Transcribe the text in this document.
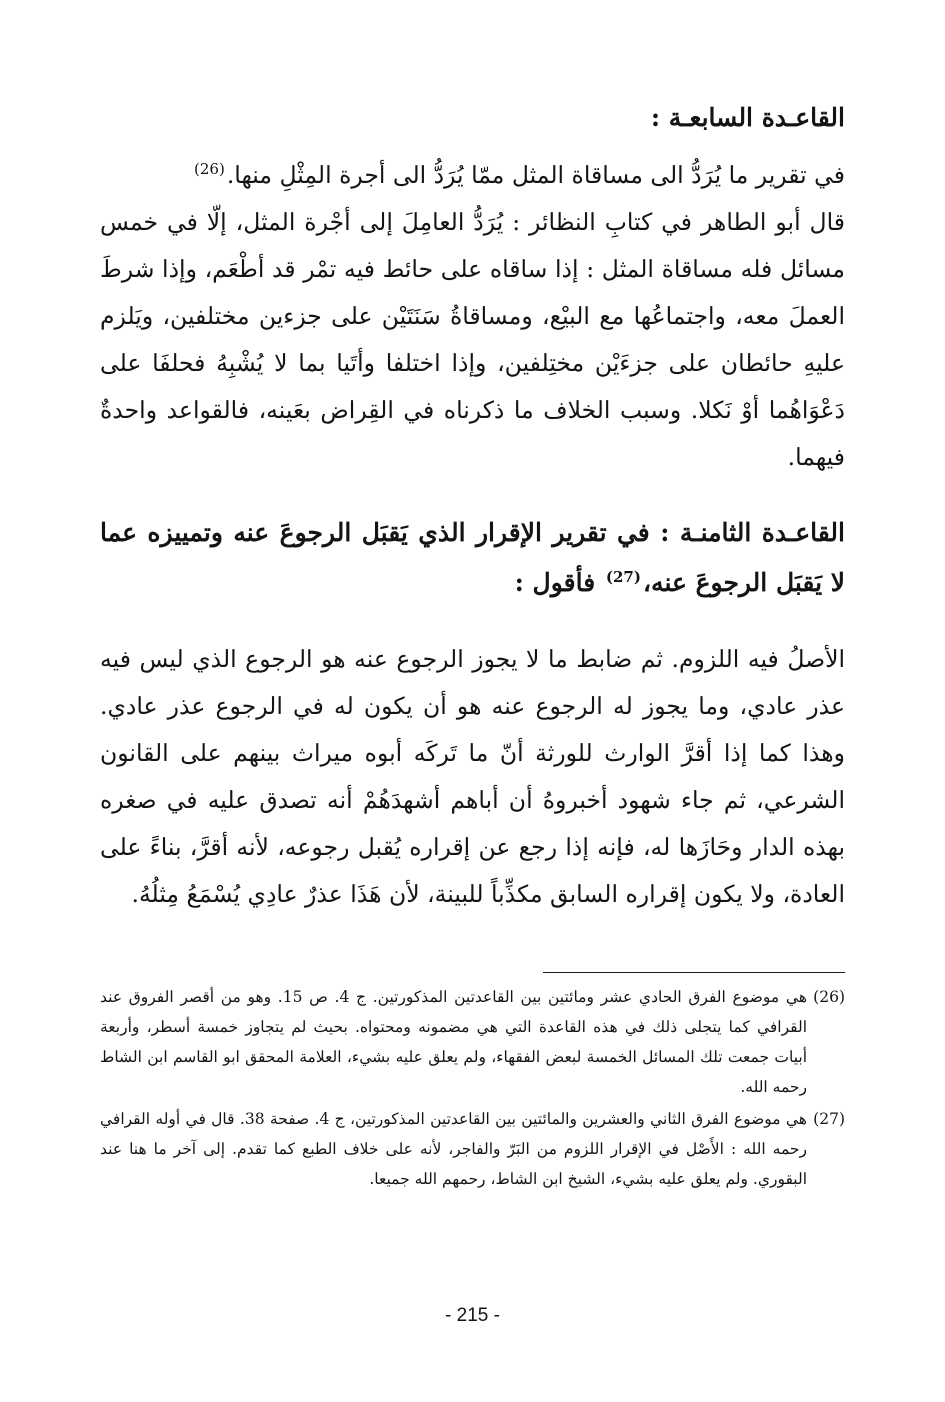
القاعـدة السابعـة :
في تقرير ما يُرَدُّ الى مساقاة المثل ممّا يُرَدُّ الى أجرة المِثْلِ منها.$^{(26)}$
قال أبو الطاهر في كتابِ النظائر : يُرَدُّ العامِلَ إلى أجْرة المثل، إلّا في خمس مسائل فله مساقاة المثل : إذا ساقاه على حائط فيه تمْر قد أطْعَم، وإذا شرطَ العملَ معه، واجتماعُها مع البيْع، ومساقاةُ سَنَتَيْن على جزءين مختلفين، ويَلزم عليهِ حائطان على جزءَيْن مختِلفين، وإذا اختلفا وأتَيا بما لا يُشْبِهُ فحلفَا على دَعْوَاهُما أوْ نَكلا. وسبب الخلاف ما ذكرناه في القِراض بعَينه، فالقواعد واحدةٌ فيهما.
القاعـدة الثامنـة : في تقرير الإقرار الذي يَقبَل الرجوعَ عنه وتمييزه عما لا يَقبَل الرجوعَ عنه،$^{(27)}$ فأقول :
الأصلُ فيه اللزوم. ثم ضابط ما لا يجوز الرجوع عنه هو الرجوع الذي ليس فيه عذر عادي، وما يجوز له الرجوع عنه هو أن يكون له في الرجوع عذر عادي. وهذا كما إذا أقرَّ الوارث للورثة أنّ ما تَركَه أبوه ميراث بينهم على القانون الشرعي، ثم جاء شهود أخبروهُ أن أباهم أشهدَهُمْ أنه تصدق عليه في صغره بهذه الدار وحَازَها له، فإنه إذا رجع عن إقراره يُقبل رجوعه، لأنه أقرَّ، بناءً على العادة، ولا يكون إقراره السابق مكذِّباً للبينة، لأن هَذَا عذرٌ عادِي يُسْمَعُ مِثلُهُ.
(26)
هي موضوع الفرق الحادي عشر ومائتين بين القاعدتين المذكورتين. ج 4. ص 15. وهو من أقصر الفروق عند القرافي كما يتجلى ذلك في هذه القاعدة التي هي مضمونه ومحتواه. بحيث لم يتجاوز خمسة أسطر، وأربعة أبيات جمعت تلك المسائل الخمسة لبعض الفقهاء، ولم يعلق عليه بشيء، العلامة المحقق ابو القاسم ابن الشاط رحمه الله.
(27)
هي موضوع الفرق الثاني والعشرين والمائتين بين القاعدتين المذكورتين، ج 4. صفحة 38. قال في أوله القرافي رحمه الله : الأَصْل في الإقرار اللزوم من البَرّ والفاجر، لأنه على خلاف الطبع كما تقدم. إلى آخر ما هنا عند البقوري. ولم يعلق عليه بشيء، الشيخ ابن الشاط، رحمهم الله جميعا.
- 215 -
